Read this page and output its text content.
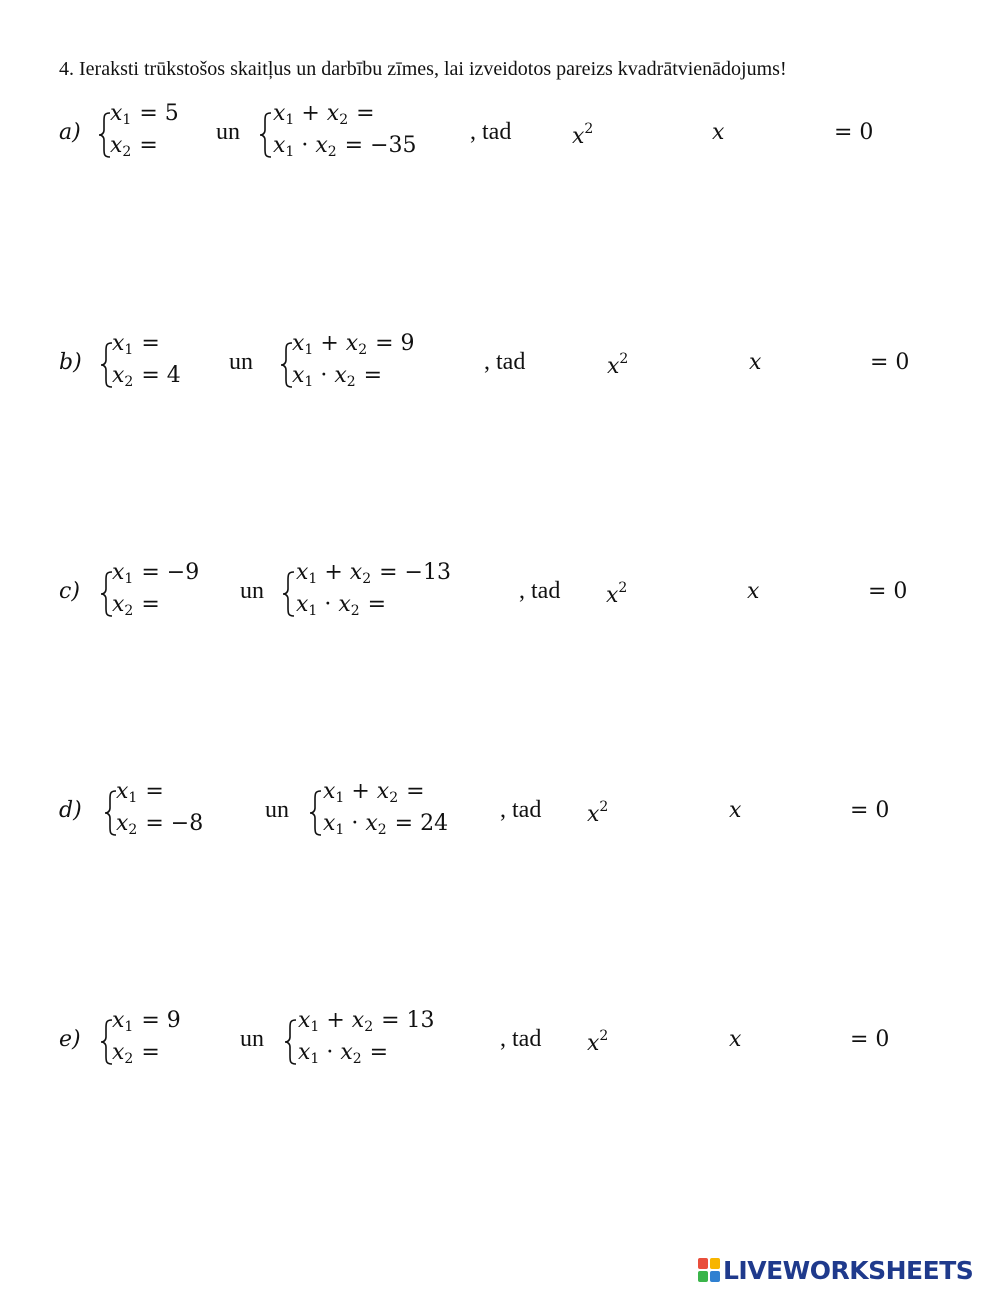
4. Ieraksti trūkstošos skaitļus un darbību zīmes, lai izveidotos pareizs kvadrātvienādojums!
a)
$x_1 = 5$
$x_2$ =
un
$x_1 + x_2$ =
$x_1 \cdot x_2 = -35$
, tad	$x^2$	x	= 0
b)
$x_1$ =
$x_2 = 4$
un
$x_1 + x_2 = 9$
$x_1 \cdot x_2$ =
, tad	$x^2$	x	= 0
c)
$x_1 = -9$
$x_2$ =
un
$x_1 + x_2 = -13$
$x_1 \cdot x_2$ =
, tad $x^2$	x	= 0
d)
$x_1$ =
$x_2 = -8$
un
$x_1 + x_2$ =
$x_1 \cdot x_2 = 24$
, tad $x^2$	x	= 0
e)
$x_1 = 9$
$x_2$ =
un
$x_1 + x_2 = 13$
$x_1 \cdot x_2$ =
, tad $x^2$	x	= 0
LIVEWORKSHEETS
